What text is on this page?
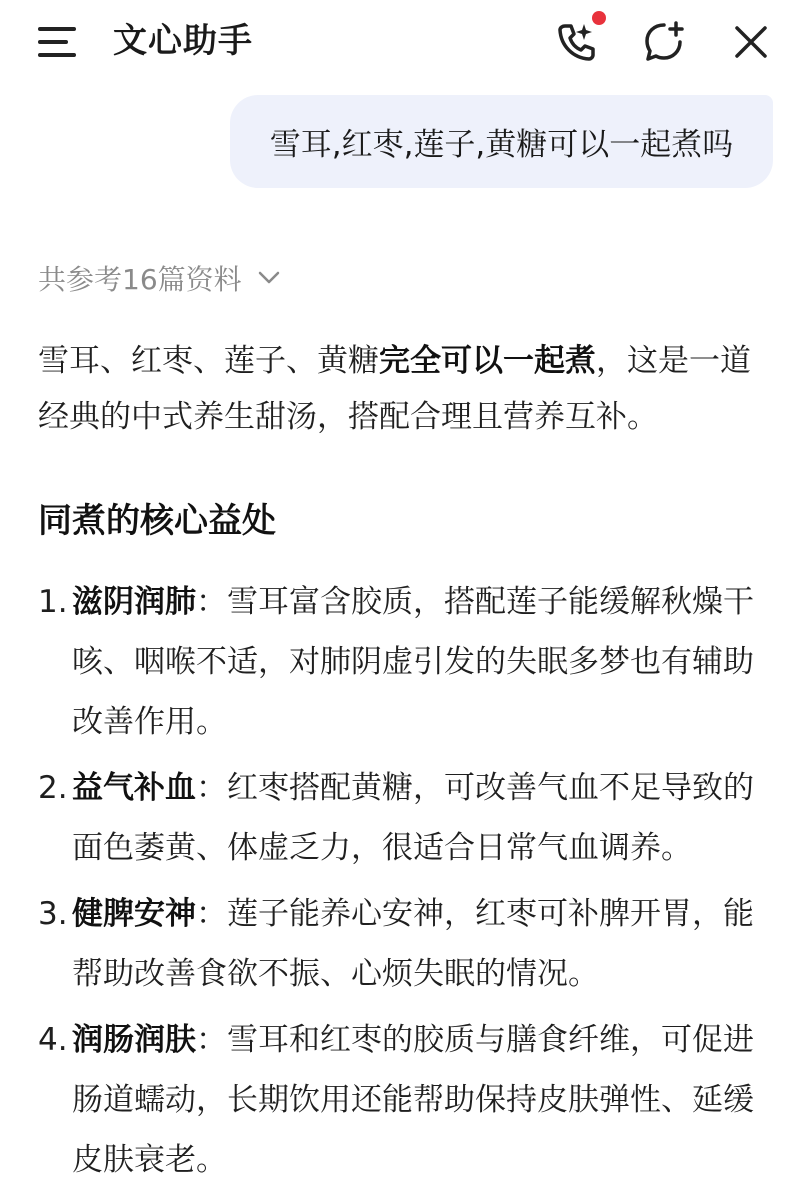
文心助手
雪耳,红枣,莲子,黄糖可以一起煮吗
共参考16篇资料
雪耳、红枣、莲子、黄糖完全可以一起煮，这是一道经典的中式养生甜汤，搭配合理且营养互补。
同煮的核心益处
1. 滋阴润肺：雪耳富含胶质，搭配莲子能缓解秋燥干咳、咽喉不适，对肺阴虚引发的失眠多梦也有辅助改善作用。
2. 益气补血：红枣搭配黄糖，可改善气血不足导致的面色萎黄、体虚乏力，很适合日常气血调养。
3. 健脾安神：莲子能养心安神，红枣可补脾开胃，能帮助改善食欲不振、心烦失眠的情况。
4. 润肠润肤：雪耳和红枣的胶质与膳食纤维，可促进肠道蠕动，长期饮用还能帮助保持皮肤弹性、延缓皮肤衰老。
